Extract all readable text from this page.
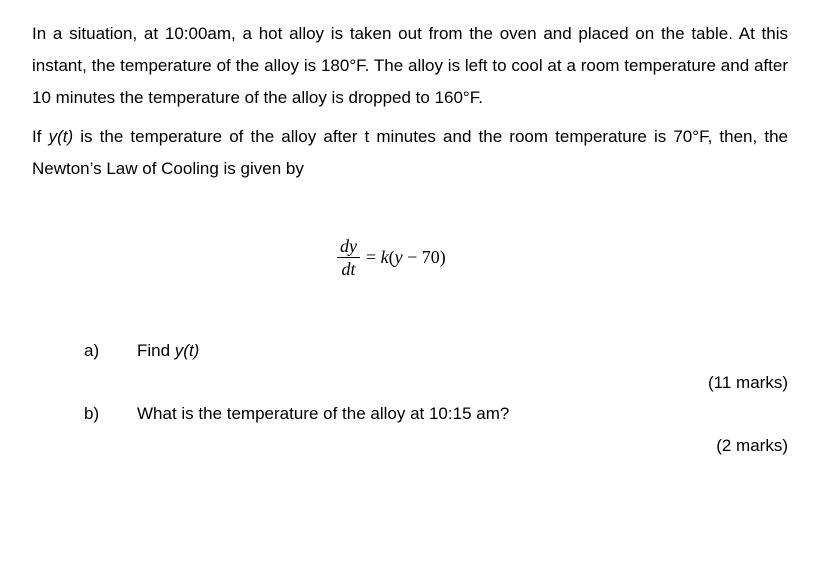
In a situation, at 10:00am, a hot alloy is taken out from the oven and placed on the table. At this instant, the temperature of the alloy is 180°F. The alloy is left to cool at a room temperature and after 10 minutes the temperature of the alloy is dropped to 160°F.

If y(t) is the temperature of the alloy after t minutes and the room temperature is 70°F, then, the Newton’s Law of Cooling is given by

$\frac{dy}{dt} = k(y - 70)$
a) Find y(t)
(11 marks)
b) What is the temperature of the alloy at 10:15 am?
(2 marks)
